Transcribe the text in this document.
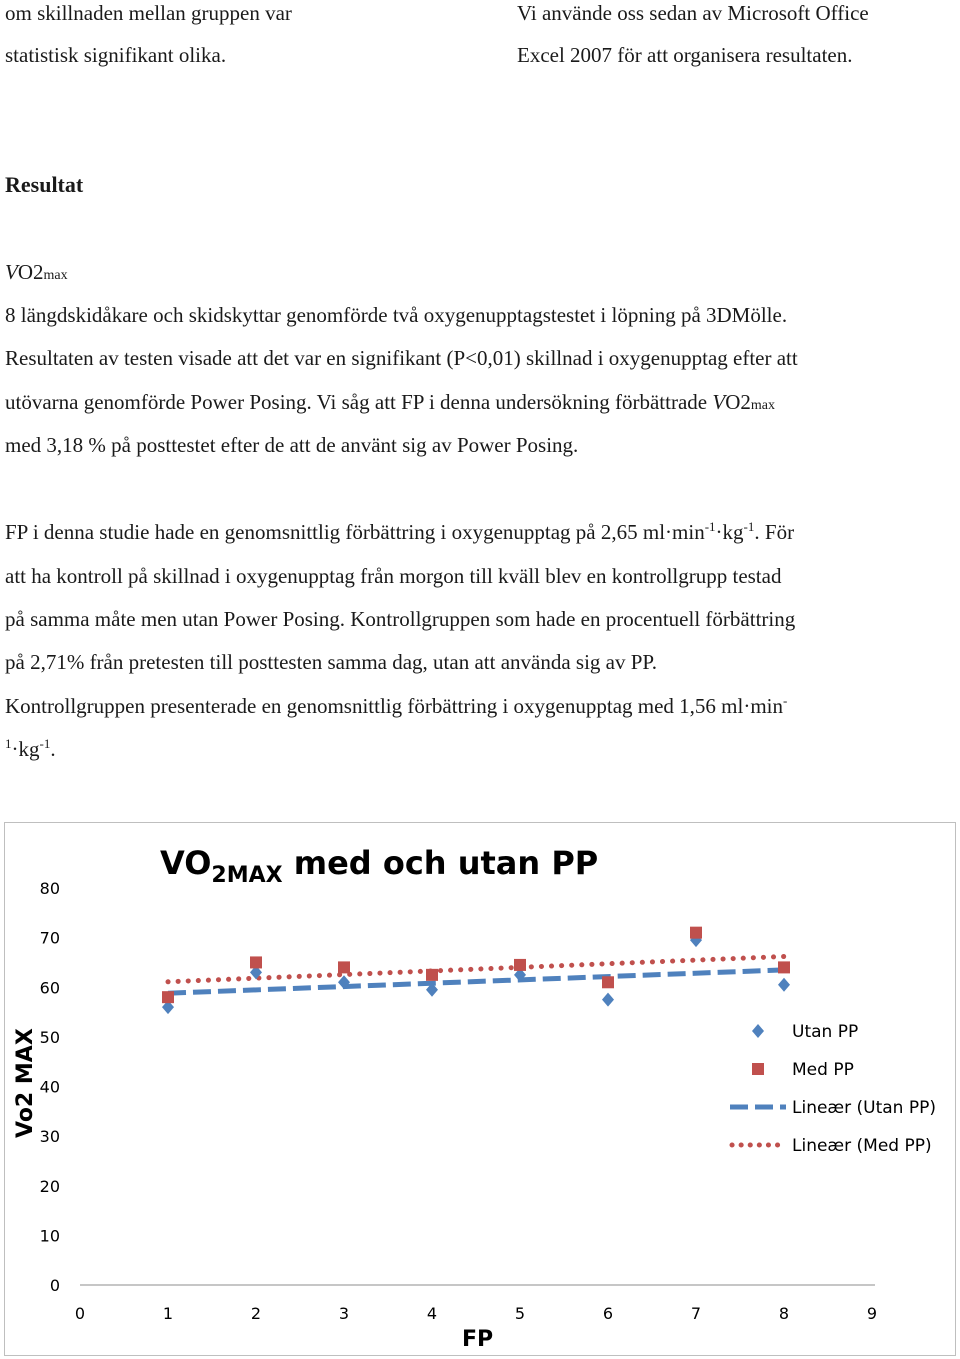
om skillnaden mellan gruppen var
statistisk signifikant olika.
Vi använde oss sedan av Microsoft Office
Excel 2007 för att organisera resultaten.
Resultat
VO2max
8 längdskidåkare och skidskyttar genomförde två oxygenupptagstestet i löpning på 3DMölle.
Resultaten av testen visade att det var en signifikant (P<0,01) skillnad i oxygenupptag efter att
utövarna genomförde Power Posing. Vi såg att FP i denna undersökning förbättrade VO2max
med 3,18 % på posttestet efter de att de använt sig av Power Posing.
FP i denna studie hade en genomsnittlig förbättring i oxygenupptag på 2,65 $ml\cdot\min^{-1}\cdot kg^{-1}$. För
att ha kontroll på skillnad i oxygenupptag från morgon till kväll blev en kontrollgrupp testad
på samma måte men utan Power Posing. Kontrollgruppen som hade en procentuell förbättring
på 2,71% från pretesten till posttesten samma dag, utan att använda sig av PP.
Kontrollgruppen presenterade en genomsnittlig förbättring i oxygenupptag med 1,56 ml·min-
$^1\cdot kg^{-1}$.
$VO_{2MAX}$ med och utan PP
FP
Vo2 MAX
0	1	2	3	4	5	6	7	8	9
0
10
20
30
40
50
60
70
80
Utan PP
Med PP
Lineær (Utan PP)
Lineær (Med PP)
